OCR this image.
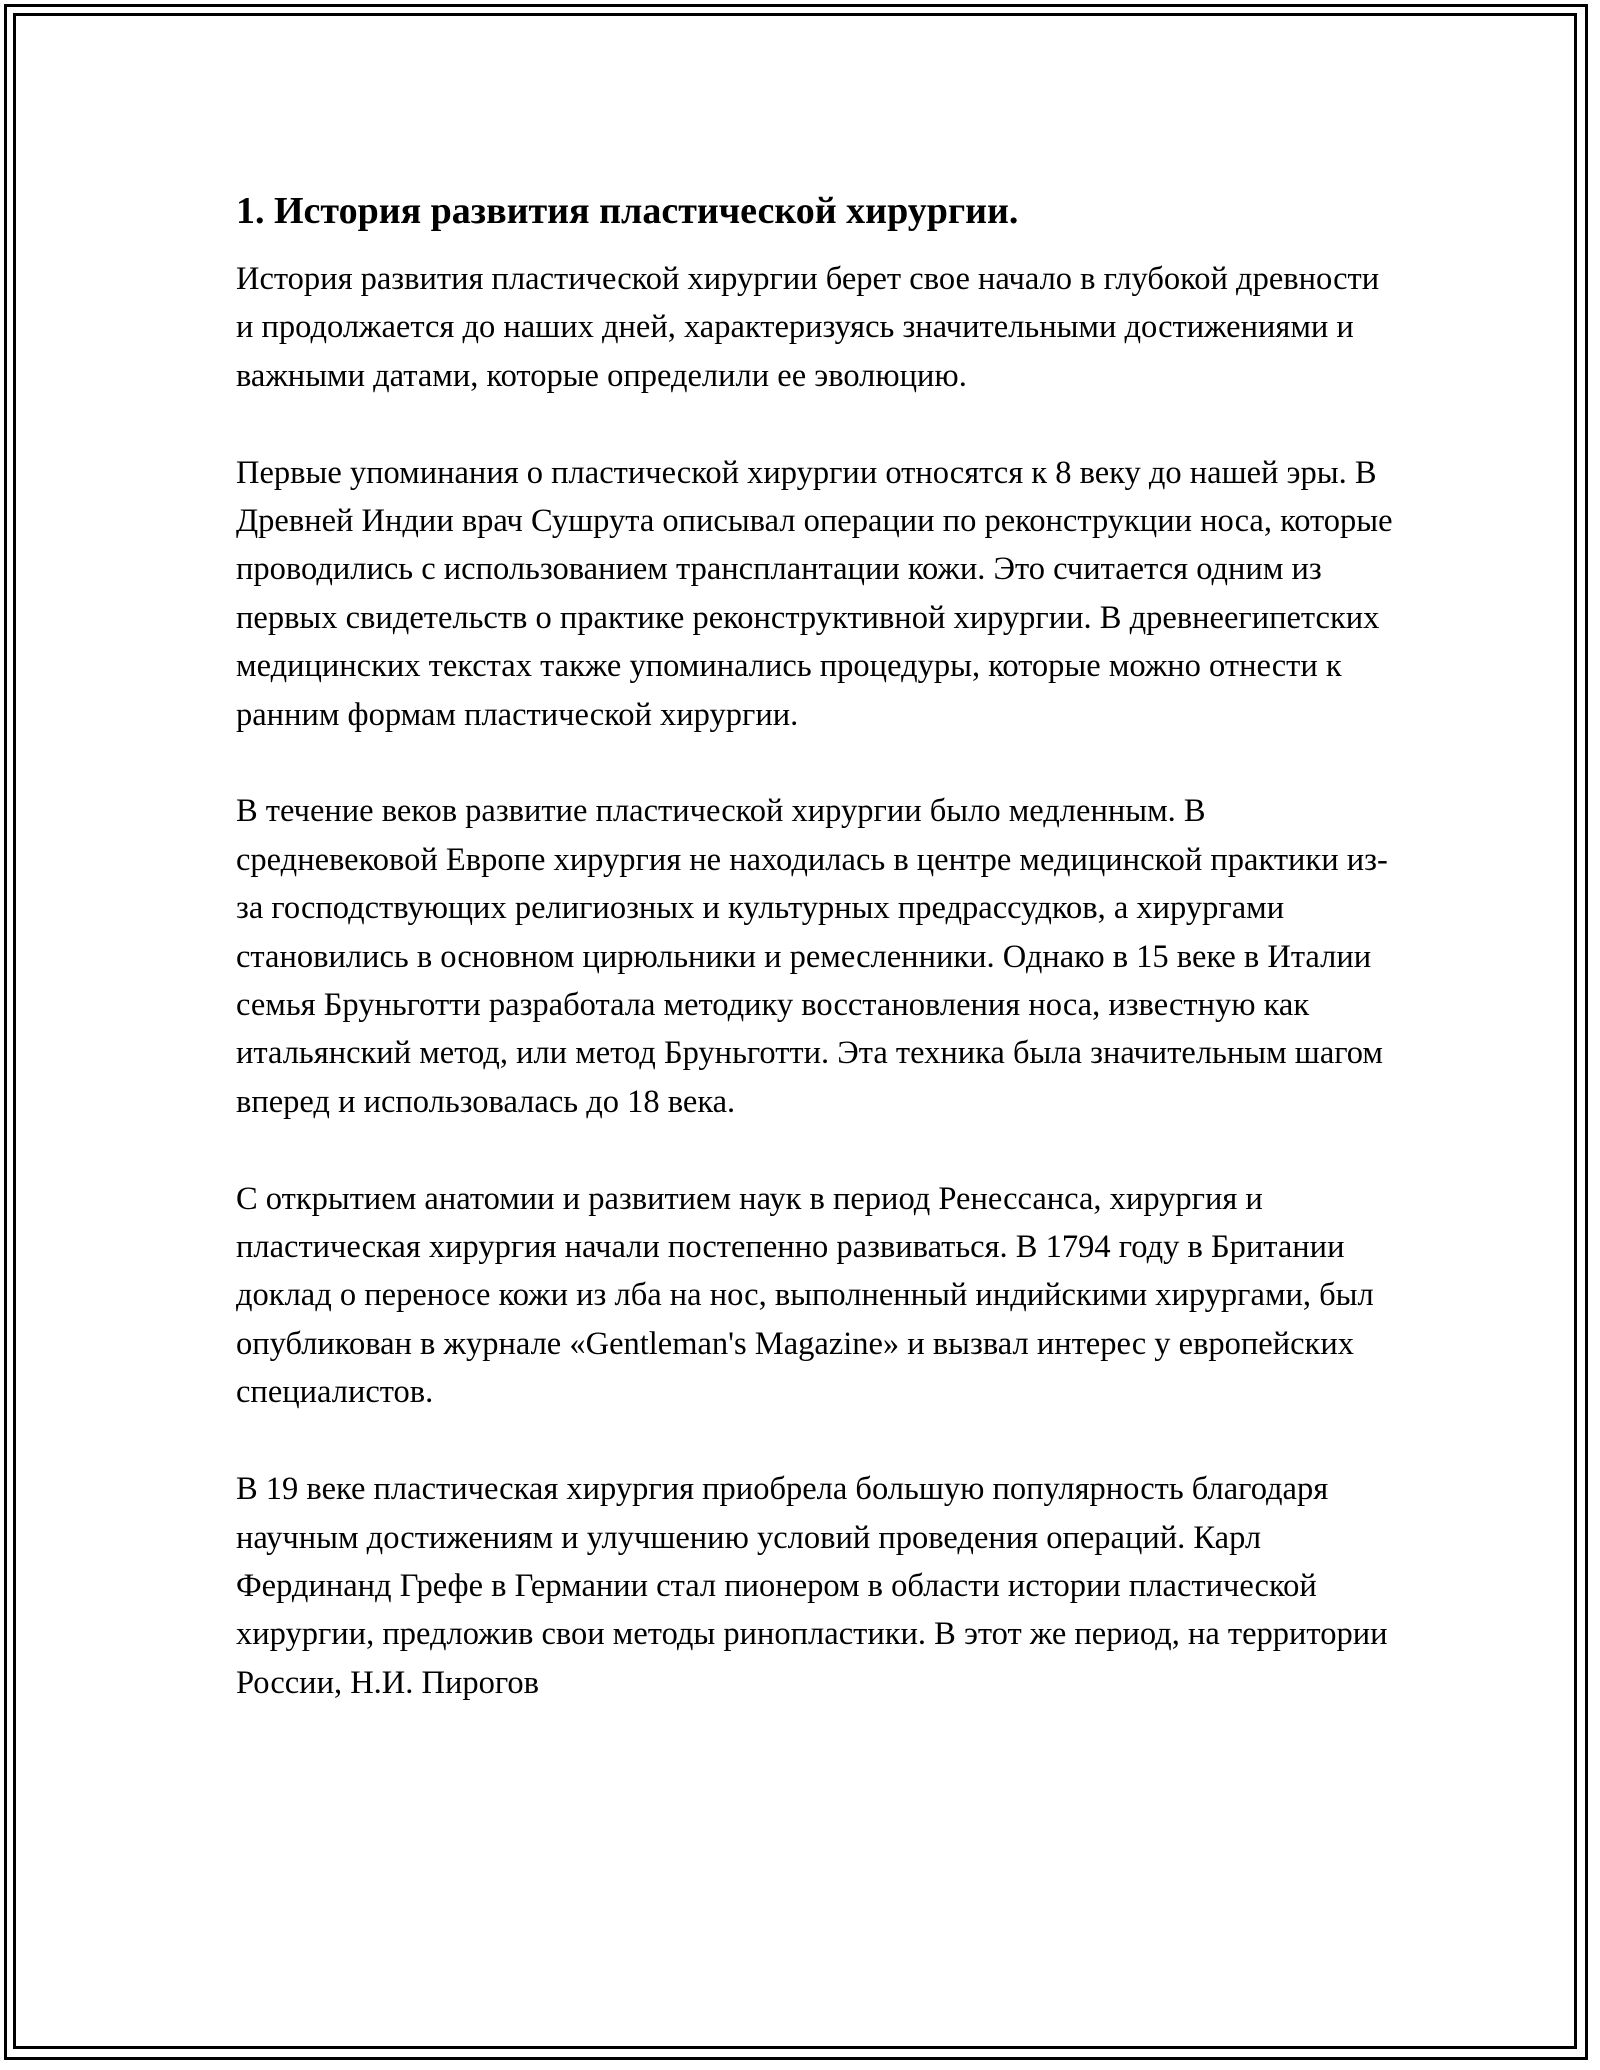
1. История развития пластической хирургии.

История развития пластической хирургии берет свое начало в глубокой древности и продолжается до наших дней, характеризуясь значительными достижениями и важными датами, которые определили ее эволюцию.

Первые упоминания о пластической хирургии относятся к 8 веку до нашей эры. В Древней Индии врач Сушрута описывал операции по реконструкции носа, которые проводились с использованием трансплантации кожи. Это считается одним из первых свидетельств о практике реконструктивной хирургии. В древнеегипетских медицинских текстах также упоминались процедуры, которые можно отнести к ранним формам пластической хирургии.

В течение веков развитие пластической хирургии было медленным. В средневековой Европе хирургия не находилась в центре медицинской практики из-за господствующих религиозных и культурных предрассудков, а хирургами становились в основном цирюльники и ремесленники. Однако в 15 веке в Италии семья Бруньготти разработала методику восстановления носа, известную как итальянский метод, или метод Бруньготти. Эта техника была значительным шагом вперед и использовалась до 18 века.

С открытием анатомии и развитием наук в период Ренессанса, хирургия и пластическая хирургия начали постепенно развиваться. В 1794 году в Британии доклад о переносе кожи из лба на нос, выполненный индийскими хирургами, был опубликован в журнале «Gentleman's Magazine» и вызвал интерес у европейских специалистов.

В 19 веке пластическая хирургия приобрела большую популярность благодаря научным достижениям и улучшению условий проведения операций. Карл Фердинанд Грефе в Германии стал пионером в области истории пластической хирургии, предложив свои методы ринопластики. В этот же период, на территории России, Н.И. Пирогов
